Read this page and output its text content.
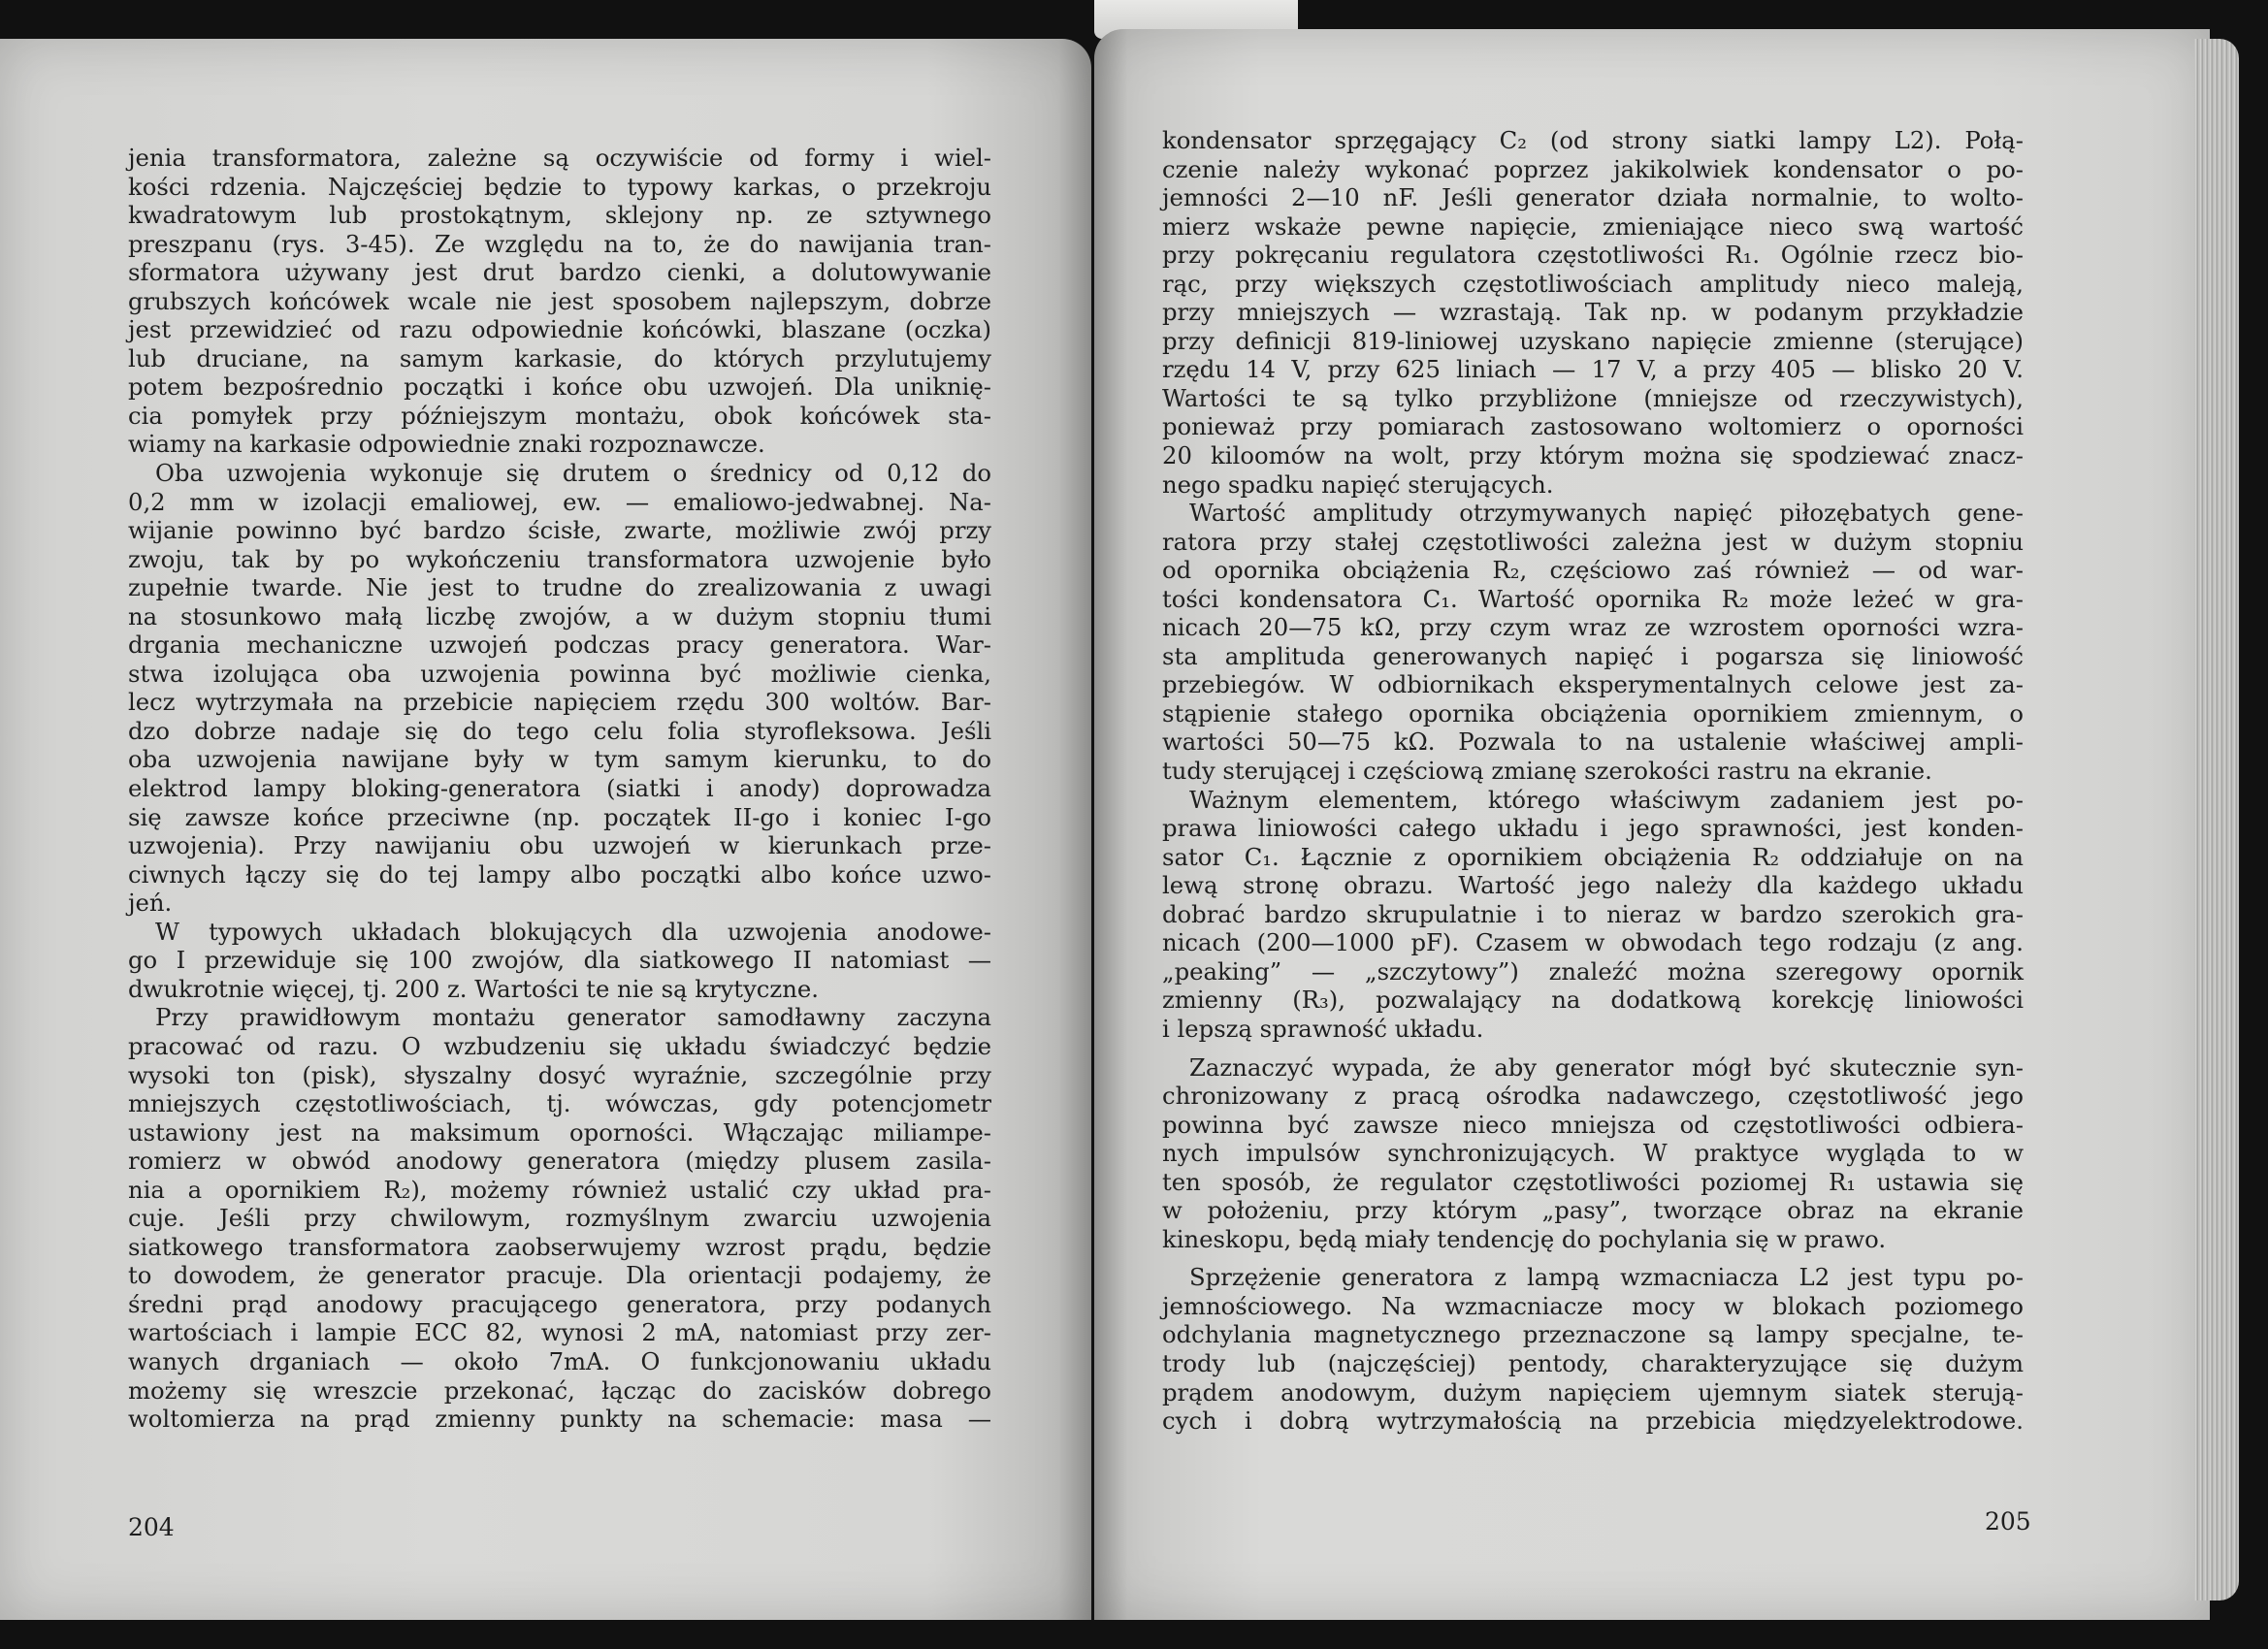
jenia transformatora, zależne są oczywiście od formy i wiel-
kości rdzenia. Najczęściej będzie to typowy karkas, o przekroju
kwadratowym lub prostokątnym, sklejony np. ze sztywnego
preszpanu (rys. 3-45). Ze względu na to, że do nawijania tran-
sformatora używany jest drut bardzo cienki, a dolutowywanie
grubszych końcówek wcale nie jest sposobem najlepszym, dobrze
jest przewidzieć od razu odpowiednie końcówki, blaszane (oczka)
lub druciane, na samym karkasie, do których przylutujemy
potem bezpośrednio początki i końce obu uzwojeń. Dla uniknię-
cia pomyłek przy późniejszym montażu, obok końcówek sta-
wiamy na karkasie odpowiednie znaki rozpoznawcze.
Oba uzwojenia wykonuje się drutem o średnicy od 0,12 do
0,2 mm w izolacji emaliowej, ew. — emaliowo-jedwabnej. Na-
wijanie powinno być bardzo ścisłe, zwarte, możliwie zwój przy
zwoju, tak by po wykończeniu transformatora uzwojenie było
zupełnie twarde. Nie jest to trudne do zrealizowania z uwagi
na stosunkowo małą liczbę zwojów, a w dużym stopniu tłumi
drgania mechaniczne uzwojeń podczas pracy generatora. War-
stwa izolująca oba uzwojenia powinna być możliwie cienka,
lecz wytrzymała na przebicie napięciem rzędu 300 woltów. Bar-
dzo dobrze nadaje się do tego celu folia styrofleksowa. Jeśli
oba uzwojenia nawijane były w tym samym kierunku, to do
elektrod lampy bloking-generatora (siatki i anody) doprowadza
się zawsze końce przeciwne (np. początek II-go i koniec I-go
uzwojenia). Przy nawijaniu obu uzwojeń w kierunkach prze-
ciwnych łączy się do tej lampy albo początki albo końce uzwo-
jeń.
W typowych układach blokujących dla uzwojenia anodowe-
go I przewiduje się 100 zwojów, dla siatkowego II natomiast —
dwukrotnie więcej, tj. 200 z. Wartości te nie są krytyczne.
Przy prawidłowym montażu generator samodławny zaczyna
pracować od razu. O wzbudzeniu się układu świadczyć będzie
wysoki ton (pisk), słyszalny dosyć wyraźnie, szczególnie przy
mniejszych częstotliwościach, tj. wówczas, gdy potencjometr
ustawiony jest na maksimum oporności. Włączając miliampe-
romierz w obwód anodowy generatora (między plusem zasila-
nia a opornikiem R₂), możemy również ustalić czy układ pra-
cuje. Jeśli przy chwilowym, rozmyślnym zwarciu uzwojenia
siatkowego transformatora zaobserwujemy wzrost prądu, będzie
to dowodem, że generator pracuje. Dla orientacji podajemy, że
średni prąd anodowy pracującego generatora, przy podanych
wartościach i lampie ECC 82, wynosi 2 mA, natomiast przy zer-
wanych drganiach — około 7mA. O funkcjonowaniu układu
możemy się wreszcie przekonać, łącząc do zacisków dobrego
woltomierza na prąd zmienny punkty na schemacie: masa —
kondensator sprzęgający C₂ (od strony siatki lampy L2). Połą-
czenie należy wykonać poprzez jakikolwiek kondensator o po-
jemności 2—10 nF. Jeśli generator działa normalnie, to wolto-
mierz wskaże pewne napięcie, zmieniające nieco swą wartość
przy pokręcaniu regulatora częstotliwości R₁. Ogólnie rzecz bio-
rąc, przy większych częstotliwościach amplitudy nieco maleją,
przy mniejszych — wzrastają. Tak np. w podanym przykładzie
przy definicji 819-liniowej uzyskano napięcie zmienne (sterujące)
rzędu 14 V, przy 625 liniach — 17 V, a przy 405 — blisko 20 V.
Wartości te są tylko przybliżone (mniejsze od rzeczywistych),
ponieważ przy pomiarach zastosowano woltomierz o oporności
20 kiloomów na wolt, przy którym można się spodziewać znacz-
nego spadku napięć sterujących.
Wartość amplitudy otrzymywanych napięć piłozębatych gene-
ratora przy stałej częstotliwości zależna jest w dużym stopniu
od opornika obciążenia R₂, częściowo zaś również — od war-
tości kondensatora C₁. Wartość opornika R₂ może leżeć w gra-
nicach 20—75 kΩ, przy czym wraz ze wzrostem oporności wzra-
sta amplituda generowanych napięć i pogarsza się liniowość
przebiegów. W odbiornikach eksperymentalnych celowe jest za-
stąpienie stałego opornika obciążenia opornikiem zmiennym, o
wartości 50—75 kΩ. Pozwala to na ustalenie właściwej ampli-
tudy sterującej i częściową zmianę szerokości rastru na ekranie.
Ważnym elementem, którego właściwym zadaniem jest po-
prawa liniowości całego układu i jego sprawności, jest konden-
sator C₁. Łącznie z opornikiem obciążenia R₂ oddziałuje on na
lewą stronę obrazu. Wartość jego należy dla każdego układu
dobrać bardzo skrupulatnie i to nieraz w bardzo szerokich gra-
nicach (200—1000 pF). Czasem w obwodach tego rodzaju (z ang.
„peaking” — „szczytowy”) znaleźć można szeregowy opornik
zmienny (R₃), pozwalający na dodatkową korekcję liniowości
i lepszą sprawność układu.
Zaznaczyć wypada, że aby generator mógł być skutecznie syn-
chronizowany z pracą ośrodka nadawczego, częstotliwość jego
powinna być zawsze nieco mniejsza od częstotliwości odbiera-
nych impulsów synchronizujących. W praktyce wygląda to w
ten sposób, że regulator częstotliwości poziomej R₁ ustawia się
w położeniu, przy którym „pasy”, tworzące obraz na ekranie
kineskopu, będą miały tendencję do pochylania się w prawo.
Sprzężenie generatora z lampą wzmacniacza L2 jest typu po-
jemnościowego. Na wzmacniacze mocy w blokach poziomego
odchylania magnetycznego przeznaczone są lampy specjalne, te-
trody lub (najczęściej) pentody, charakteryzujące się dużym
prądem anodowym, dużym napięciem ujemnym siatek sterują-
cych i dobrą wytrzymałością na przebicia międzyelektrodowe.
204	205
